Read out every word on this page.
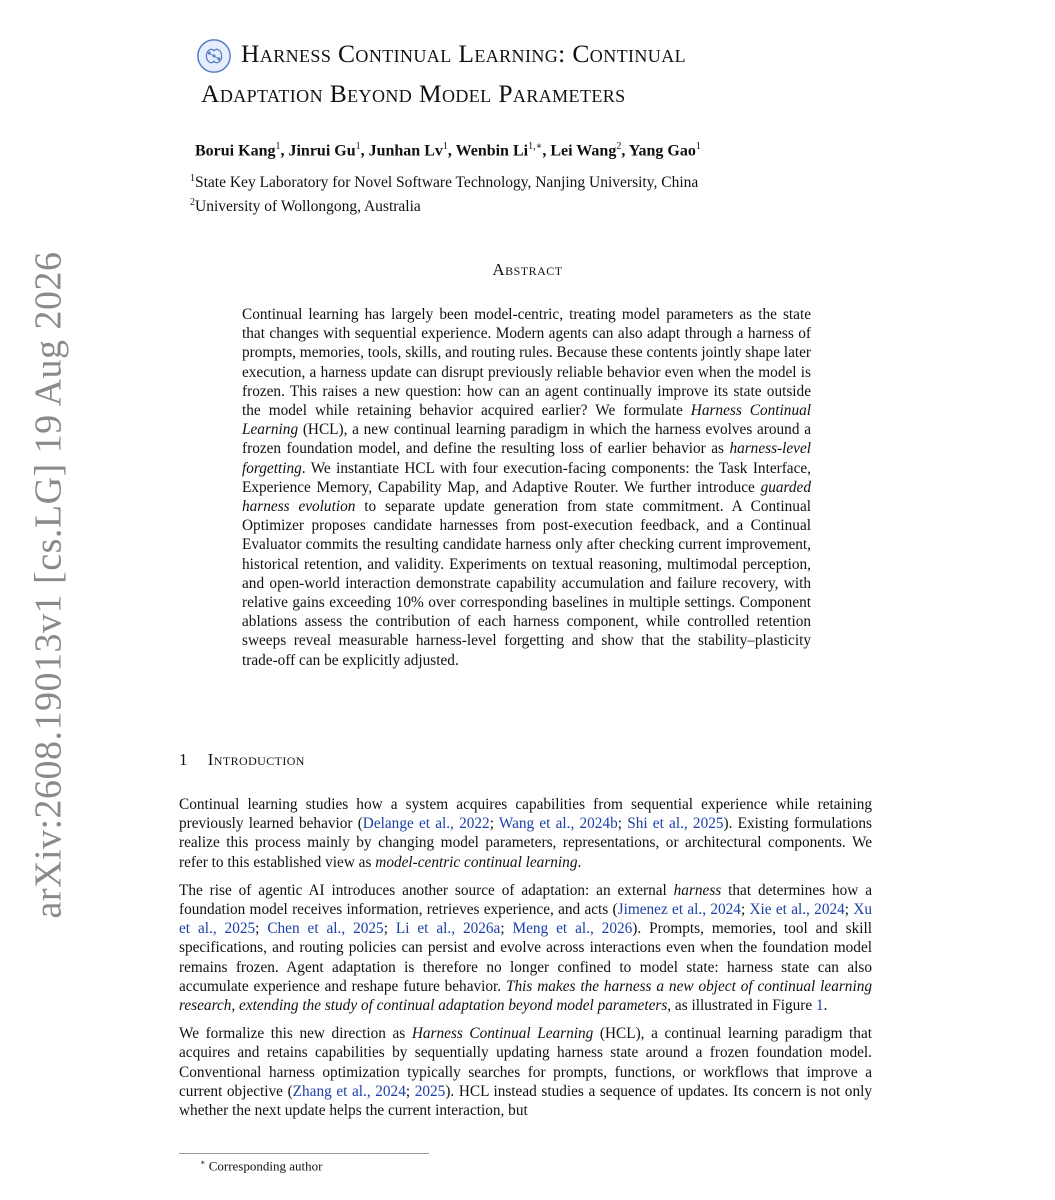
arXiv:2608.19013v1 [cs.LG] 19 Aug 2026
Harness Continual Learning: Continual
Adaptation Beyond Model Parameters
Borui Kang$^1$, Jinrui Gu$^1$, Junhan Lv$^1$, Wenbin $Li^{1,∗}$, Lei Wang$^2$, Yang Gao$^1$
$^1$State Key Laboratory for Novel Software Technology, Nanjing University, China
$^2$University of Wollongong, Australia
Abstract

Continual learning has largely been model-centric, treating model parameters as the state that changes with sequential experience. Modern agents can also adapt through a harness of prompts, memories, tools, skills, and routing rules. Because these contents jointly shape later execution, a harness update can disrupt previously reliable behavior even when the model is frozen. This raises a new question: how can an agent continually improve its state outside the model while retaining behavior acquired earlier? We formulate Harness Continual Learning (HCL), a new continual learning paradigm in which the harness evolves around a frozen foundation model, and define the resulting loss of earlier behavior as harness-level forgetting. We instantiate HCL with four execution-facing components: the Task Interface, Experience Memory, Capability Map, and Adaptive Router. We further introduce guarded harness evolution to separate update generation from state commitment. A Continual Optimizer proposes candidate harnesses from post-execution feedback, and a Continual Evaluator commits the resulting candidate harness only after checking current improvement, historical retention, and validity. Experiments on textual reasoning, multimodal perception, and open-world interaction demonstrate capability accumulation and failure recovery, with relative gains exceeding 10% over corresponding baselines in multiple settings. Component ablations assess the contribution of each harness component, while controlled retention sweeps reveal measurable harness-level forgetting and show that the stability–plasticity trade-off can be explicitly adjusted.

1 Introduction

Continual learning studies how a system acquires capabilities from sequential experience while retaining previously learned behavior (Delange et al., 2022; Wang et al., 2024b; Shi et al., 2025). Existing formulations realize this process mainly by changing model parameters, representations, or architectural components. We refer to this established view as model-centric continual learning.

The rise of agentic AI introduces another source of adaptation: an external harness that determines how a foundation model receives information, retrieves experience, and acts (Jimenez et al., 2024; Xie et al., 2024; Xu et al., 2025; Chen et al., 2025; Li et al., 2026a; Meng et al., 2026). Prompts, memories, tool and skill specifications, and routing policies can persist and evolve across interactions even when the foundation model remains frozen. Agent adaptation is therefore no longer confined to model state: harness state can also accumulate experience and reshape future behavior. This makes the harness a new object of continual learning research, extending the study of continual adaptation beyond model parameters, as illustrated in Figure 1.

We formalize this new direction as Harness Continual Learning (HCL), a continual learning paradigm that acquires and retains capabilities by sequentially updating harness state around a frozen foundation model. Conventional harness optimization typically searches for prompts, functions, or workflows that improve a current objective (Zhang et al., 2024; 2025). HCL instead studies a sequence of updates. Its concern is not only whether the next update helps the current interaction, but

∗ Corresponding author
